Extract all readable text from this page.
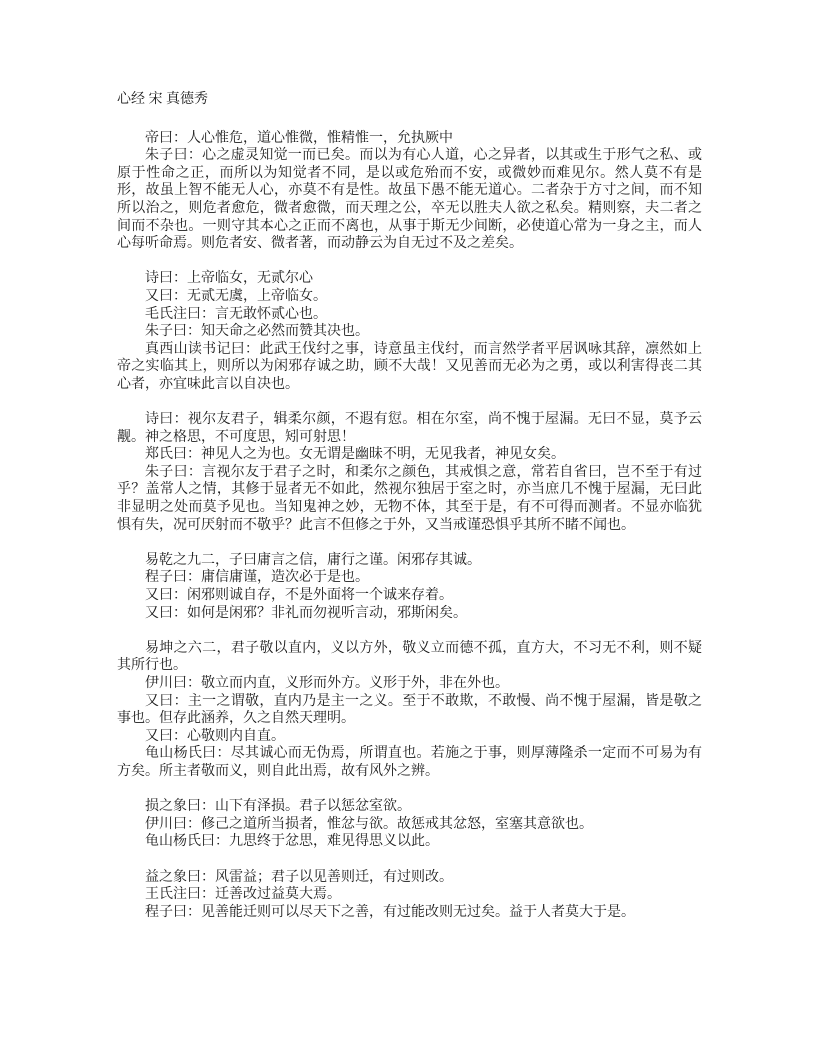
心经 宋 真德秀

帝曰：人心惟危，道心惟微，惟精惟一，允执厥中

朱子曰：心之虚灵知觉一而已矣。而以为有心人道，心之异者，以其或生于形气之私、或原于性命之正，而所以为知觉者不同，是以或危殆而不安，或微妙而难见尔。然人莫不有是形，故虽上智不能无人心，亦莫不有是性。故虽下愚不能无道心。二者杂于方寸之间，而不知所以治之，则危者愈危，微者愈微，而天理之公，卒无以胜夫人欲之私矣。精则察，夫二者之间而不杂也。一则守其本心之正而不离也，从事于斯无少间断，必使道心常为一身之主，而人心每听命焉。则危者安、微者著，而动静云为自无过不及之差矣。

诗曰：上帝临女，无贰尔心

又曰：无贰无虞，上帝临女。

毛氏注曰：言无敢怀贰心也。

朱子曰：知天命之必然而赞其决也。

真西山读书记曰：此武王伐纣之事，诗意虽主伐纣，而言然学者平居讽咏其辞，凛然如上帝之实临其上，则所以为闲邪存诚之助，顾不大哉！又见善而无必为之勇，或以利害得丧二其心者，亦宜味此言以自决也。

诗曰：视尔友君子，辑柔尔颜，不遐有愆。相在尔室，尚不愧于屋漏。无曰不显，莫予云觏。神之格思，不可度思，矧可射思！

郑氏曰：神见人之为也。女无谓是幽昧不明，无见我者，神见女矣。

朱子曰：言视尔友于君子之时，和柔尔之颜色，其戒惧之意，常若自省曰，岂不至于有过乎？盖常人之情，其修于显者无不如此，然视尔独居于室之时，亦当庶几不愧于屋漏，无曰此非显明之处而莫予见也。当知鬼神之妙，无物不体，其至于是，有不可得而测者。不显亦临犹惧有失，况可厌射而不敬乎？此言不但修之于外，又当戒谨恐惧乎其所不睹不闻也。

易乾之九二，子曰庸言之信，庸行之谨。闲邪存其诚。

程子曰：庸信庸谨，造次必于是也。

又曰：闲邪则诚自存，不是外面将一个诚来存着。

又曰：如何是闲邪？非礼而勿视听言动，邪斯闲矣。

易坤之六二，君子敬以直内，义以方外，敬义立而德不孤，直方大，不习无不利，则不疑其所行也。

伊川曰：敬立而内直，义形而外方。义形于外，非在外也。

又曰：主一之谓敬，直内乃是主一之义。至于不敢欺，不敢慢、尚不愧于屋漏，皆是敬之事也。但存此涵养，久之自然天理明。

又曰：心敬则内自直。

龟山杨氏曰：尽其诚心而无伪焉，所谓直也。若施之于事，则厚薄隆杀一定而不可易为有方矣。所主者敬而义，则自此出焉，故有风外之辨。

损之象曰：山下有泽损。君子以惩忿室欲。

伊川曰：修己之道所当损者，惟忿与欲。故惩戒其忿怒，室塞其意欲也。

龟山杨氏曰：九思终于忿思，难见得思义以此。

益之象曰：风雷益；君子以见善则迁，有过则改。

王氏注曰：迁善改过益莫大焉。

程子曰：见善能迁则可以尽天下之善，有过能改则无过矣。益于人者莫大于是。
